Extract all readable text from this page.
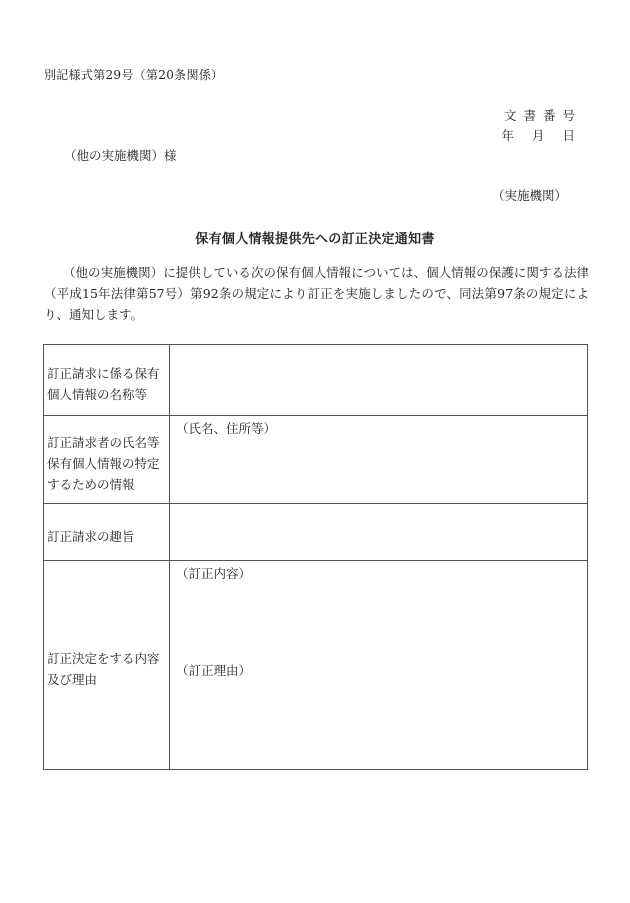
別記様式第29号（第20条関係）
文書番号
年 月 日
（他の実施機関）様
（実施機関）
保有個人情報提供先への訂正決定通知書
（他の実施機関）に提供している次の保有個人情報については、個人情報の保護に関する法律（平成15年法律第57号）第92条の規定により訂正を実施しましたので、同法第97条の規定により、通知します。
訂正請求に係る保有個人情報の名称等	
訂正請求者の氏名等保有個人情報の特定するための情報	（氏名、住所等）

訂正請求の趣旨	
訂正決定をする内容及び理由	（訂正内容）
（訂正理由）
